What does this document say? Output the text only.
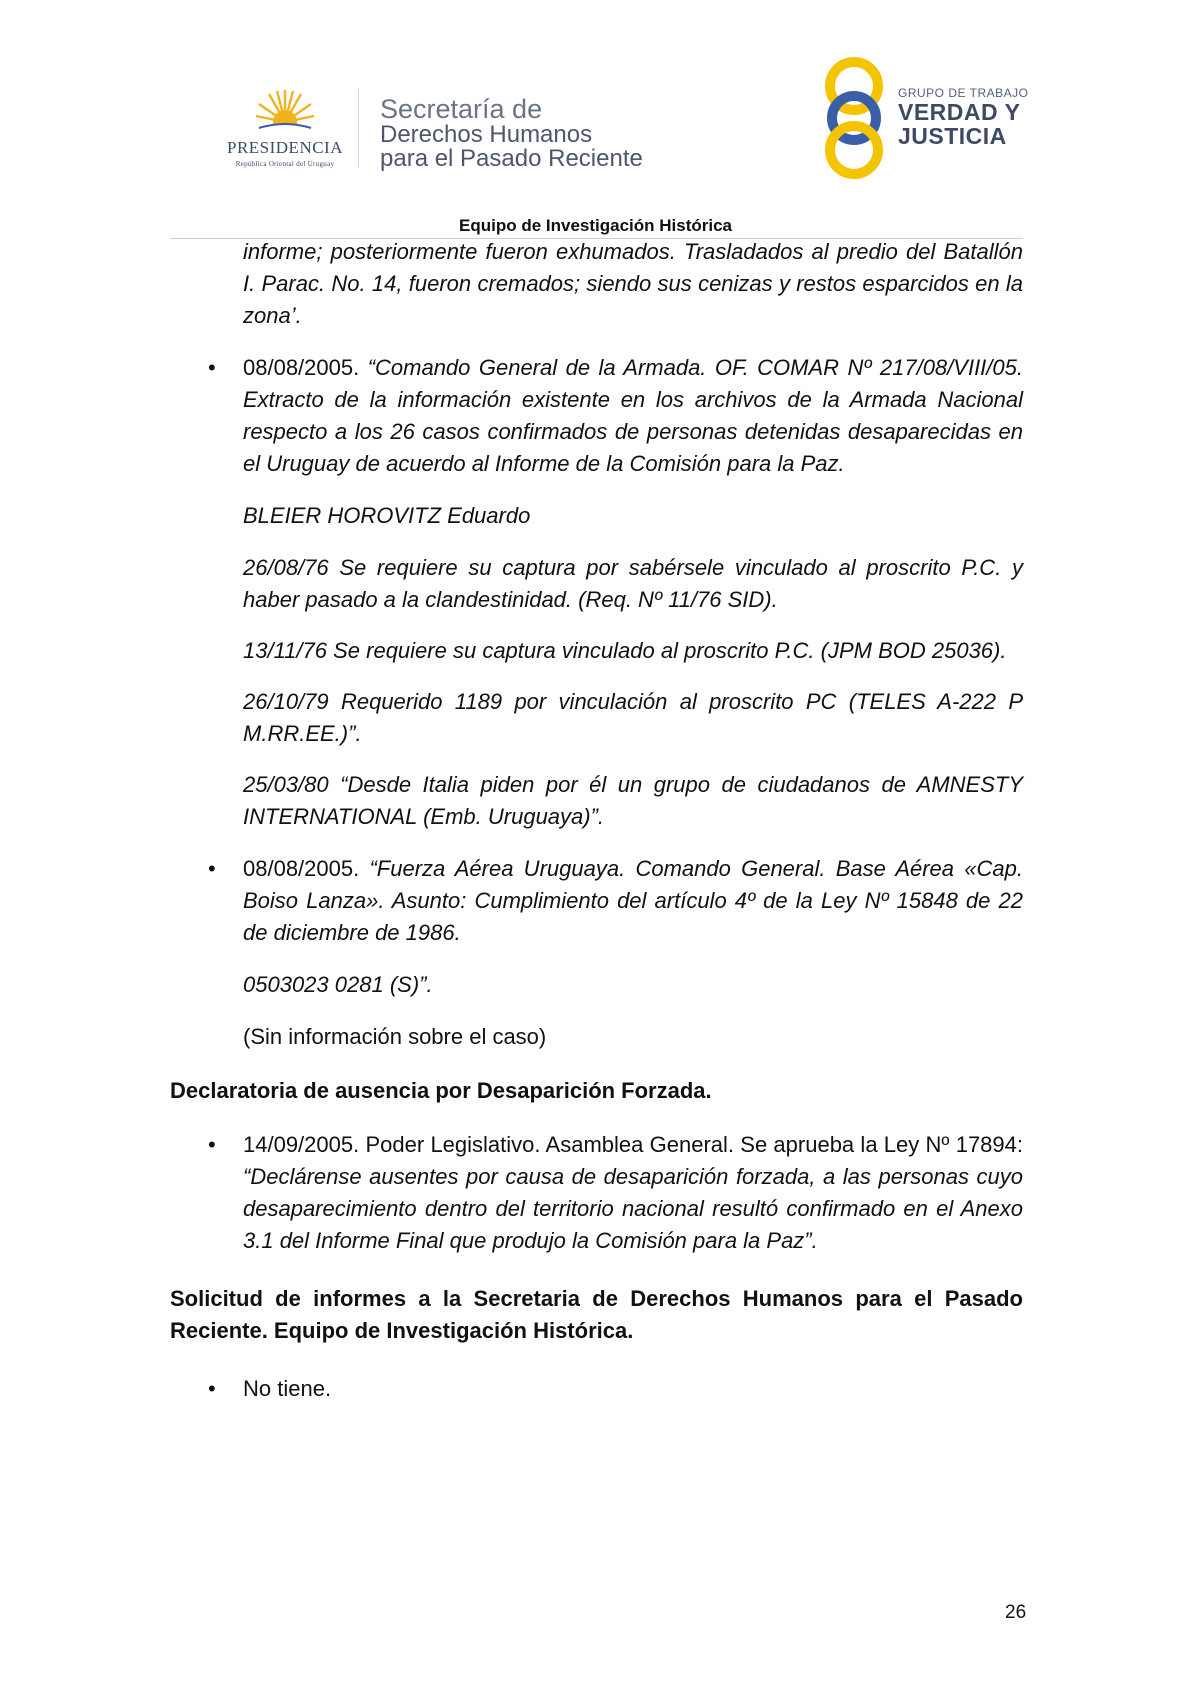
PRESIDENCIA
República Oriental del Uruguay
Secretaría de
Derechos Humanos
para el Pasado Reciente
GRUPO DE TRABAJO
VERDAD Y
JUSTICIA
Equipo de Investigación Histórica

informe; posteriormente fueron exhumados. Trasladados al predio del Batallón I. Parac. No. 14, fueron cremados; siendo sus cenizas y restos esparcidos en la zona’.

• 08/08/2005. “Comando General de la Armada. OF. COMAR Nº 217/08/VIII/05. Extracto de la información existente en los archivos de la Armada Nacional respecto a los 26 casos confirmados de personas detenidas desaparecidas en el Uruguay de acuerdo al Informe de la Comisión para la Paz.

BLEIER HOROVITZ Eduardo

26/08/76 Se requiere su captura por sabérsele vinculado al proscrito P.C. y haber pasado a la clandestinidad. (Req. Nº 11/76 SID).

13/11/76 Se requiere su captura vinculado al proscrito P.C. (JPM BOD 25036).

26/10/79 Requerido 1189 por vinculación al proscrito PC (TELES A-222 P M.RR.EE.)”.

25/03/80 “Desde Italia piden por él un grupo de ciudadanos de AMNESTY INTERNATIONAL (Emb. Uruguaya)”.

• 08/08/2005. “Fuerza Aérea Uruguaya. Comando General. Base Aérea «Cap. Boiso Lanza». Asunto: Cumplimiento del artículo 4º de la Ley Nº 15848 de 22 de diciembre de 1986.

0503023 0281 (S)”.

(Sin información sobre el caso)

Declaratoria de ausencia por Desaparición Forzada.

• 14/09/2005. Poder Legislativo. Asamblea General. Se aprueba la Ley Nº 17894: “Declárense ausentes por causa de desaparición forzada, a las personas cuyo desaparecimiento dentro del territorio nacional resultó confirmado en el Anexo 3.1 del Informe Final que produjo la Comisión para la Paz”.

Solicitud de informes a la Secretaria de Derechos Humanos para el Pasado Reciente. Equipo de Investigación Histórica.

• No tiene.

26
